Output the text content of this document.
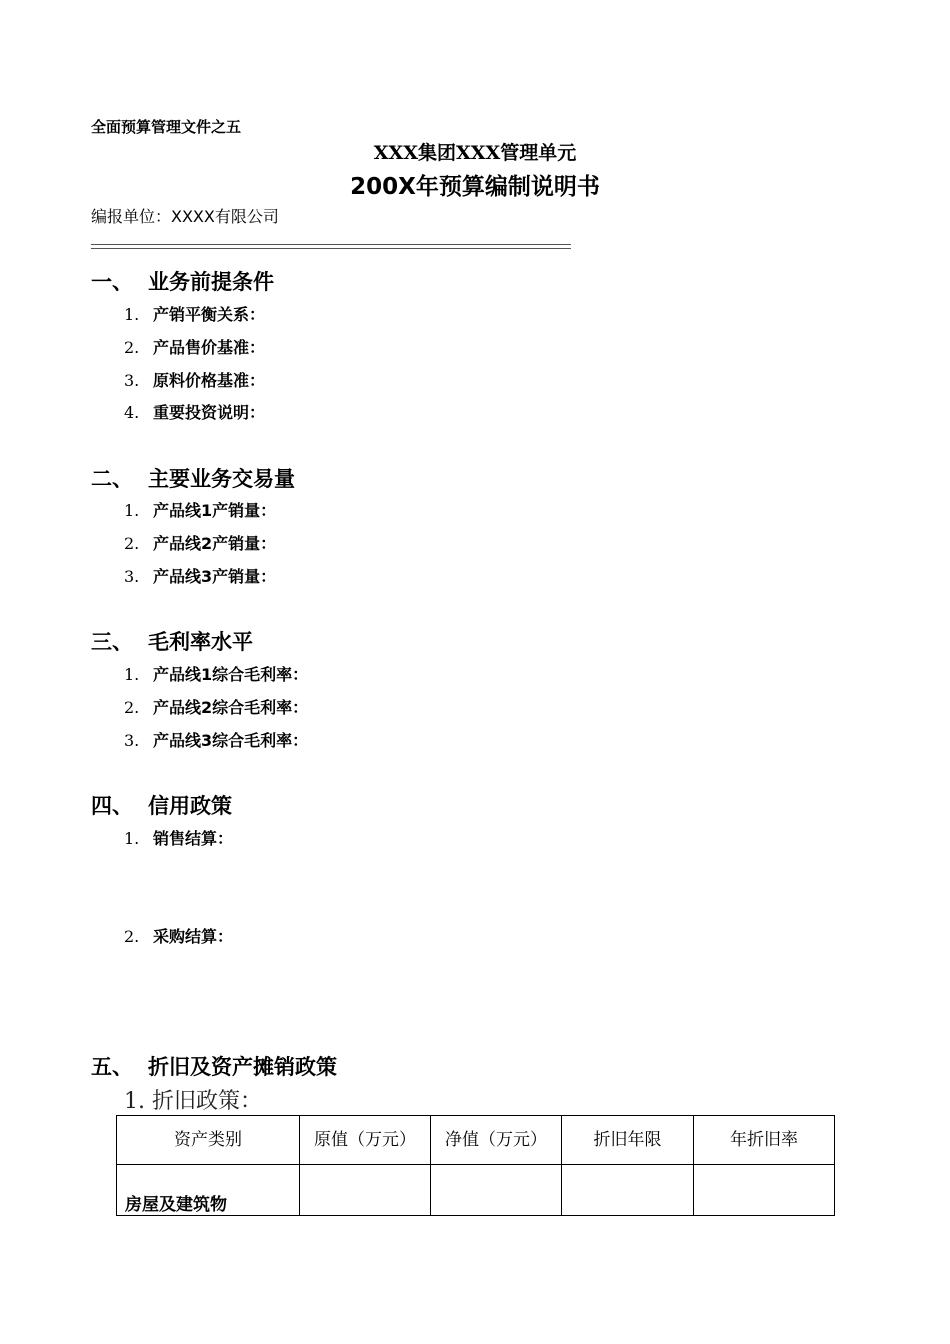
全面预算管理文件之五
XXX集团XXX管理单元
200X年预算编制说明书
编报单位：XXXX有限公司
一、 业务前提条件
1. 产销平衡关系：
2. 产品售价基准：
3. 原料价格基准：
4. 重要投资说明：
二、 主要业务交易量
1. 产品线1产销量：
2. 产品线2产销量：
3. 产品线3产销量：
三、 毛利率水平
1. 产品线1综合毛利率：
2. 产品线2综合毛利率：
3. 产品线3综合毛利率：
四、 信用政策
1. 销售结算：
2. 采购结算：
五、 折旧及资产摊销政策
1. 折旧政策：
资产类别	原值（万元）	净值（万元）	折旧年限	年折旧率
房屋及建筑物				
